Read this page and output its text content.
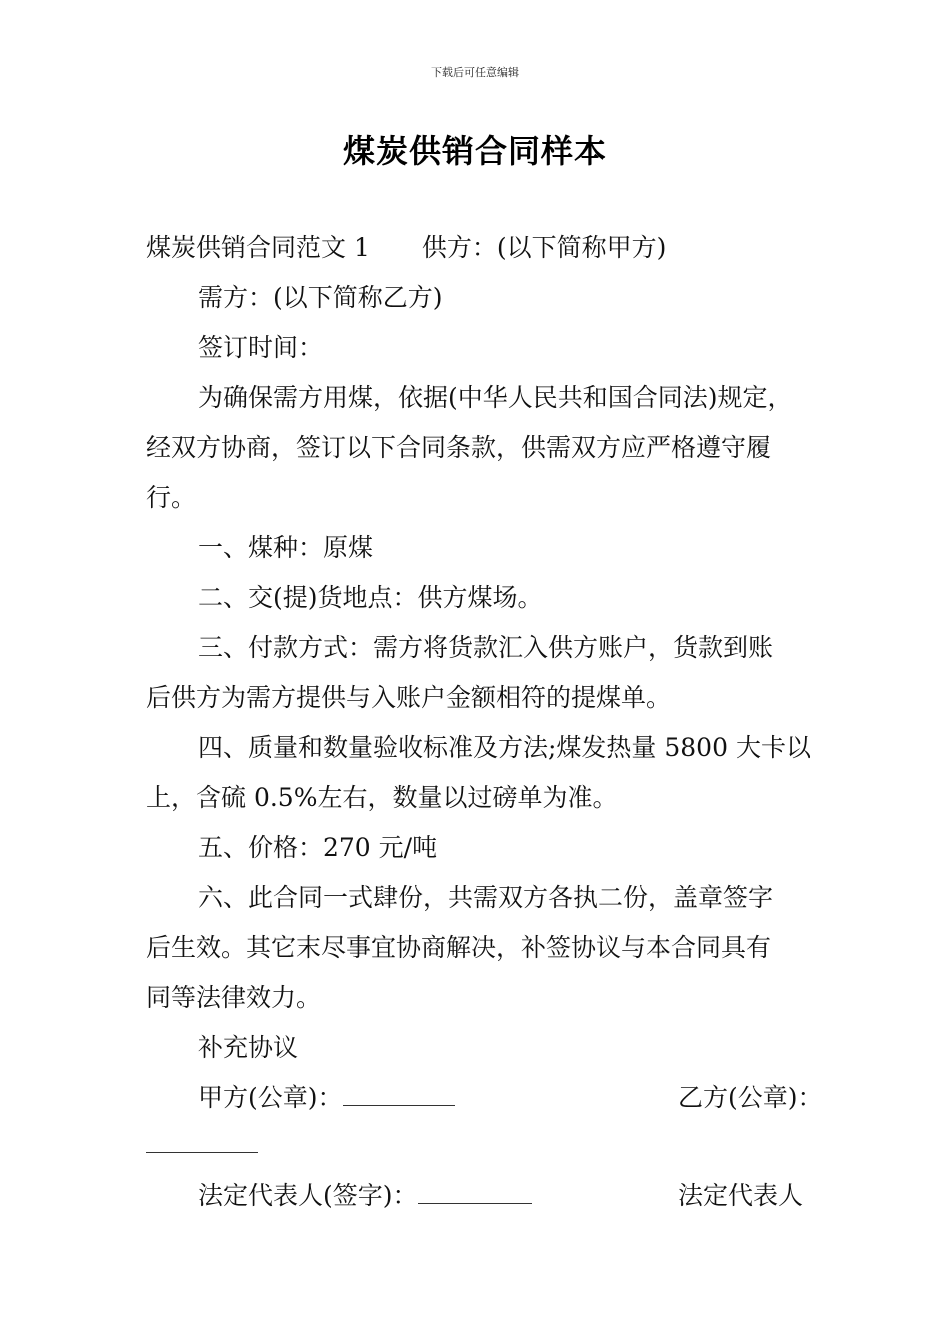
下载后可任意编辑
煤炭供销合同样本
煤炭供销合同范文 1 供方：(以下简称甲方)
需方：(以下简称乙方)
签订时间：
为确保需方用煤，依据(中华人民共和国合同法)规定，
经双方协商，签订以下合同条款，供需双方应严格遵守履
行。
一、煤种：原煤
二、交(提)货地点：供方煤场。
三、付款方式：需方将货款汇入供方账户，货款到账
后供方为需方提供与入账户金额相符的提煤单。
四、质量和数量验收标准及方法;煤发热量 5800 大卡以
上，含硫 0.5%左右，数量以过磅单为准。
五、价格：270 元/吨
六、此合同一式肆份，共需双方各执二份，盖章签字
后生效。其它末尽事宜协商解决，补签协议与本合同具有
同等法律效力。
补充协议
甲方(公章)：	乙方(公章)：
法定代表人(签字)：	法定代表人
